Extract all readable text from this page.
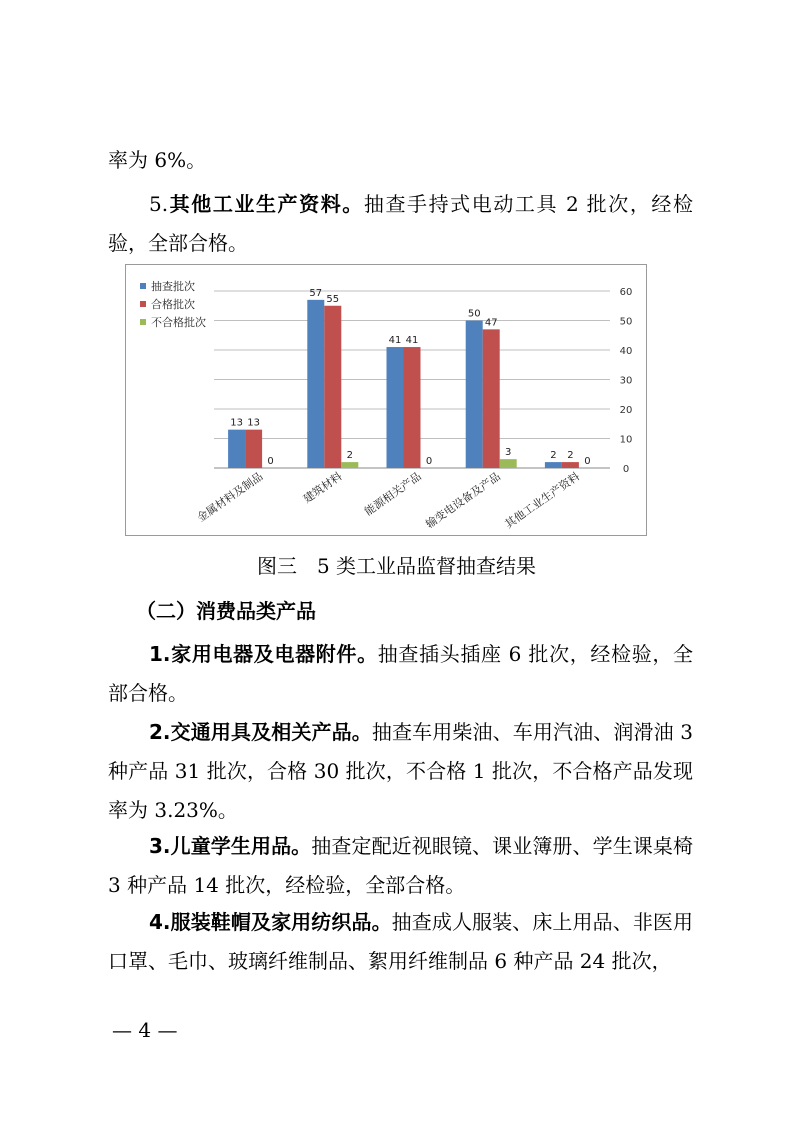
率为 6%。

5.其他工业生产资料。抽查手持式电动工具 2 批次，经检验，全部合格。

0
10
20
30
40
50
60
13 13
0
金属材料及制品
57
55
2
建筑材料
41 41
0
能源相关产品
50
47
3
输变电设备及产品
2 2
0
其他工业生产资料
抽查批次
合格批次
不合格批次
图三　5 类工业品监督抽查结果
（二）消费品类产品

1.家用电器及电器附件。抽查插头插座 6 批次，经检验，全部合格。

2.交通用具及相关产品。抽查车用柴油、车用汽油、润滑油 3 种产品 31 批次，合格 30 批次，不合格 1 批次，不合格产品发现率为 3.23%。

3.儿童学生用品。抽查定配近视眼镜、课业簿册、学生课桌椅 3 种产品 14 批次，经检验，全部合格。

4.服装鞋帽及家用纺织品。抽查成人服装、床上用品、非医用口罩、毛巾、玻璃纤维制品、絮用纤维制品 6 种产品 24 批次，

— 4 —
